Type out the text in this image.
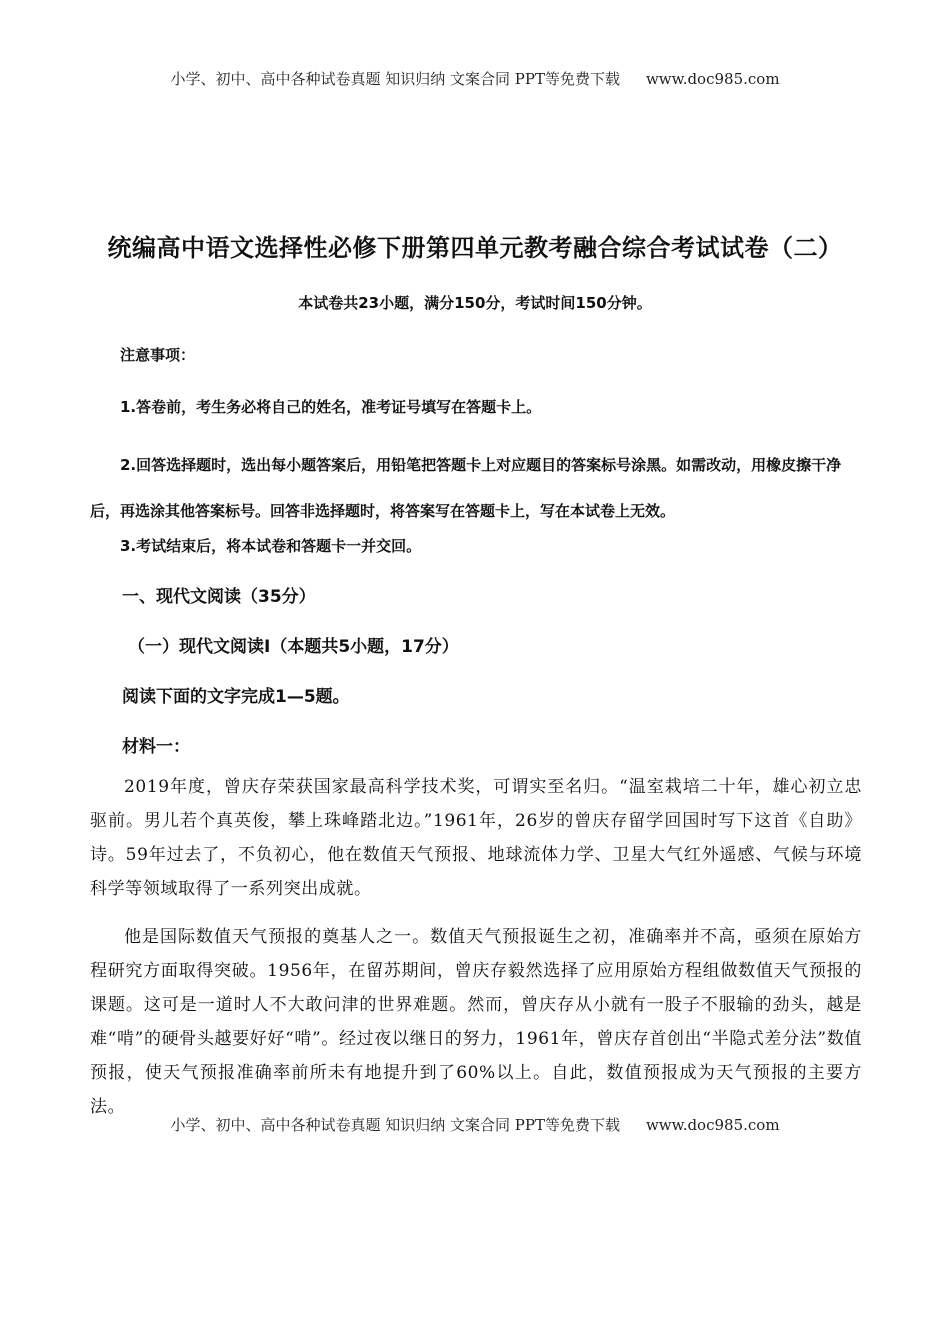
小学、初中、高中各种试卷真题 知识归纳 文案合同 PPT等免费下载 www.doc985.com
统编高中语文选择性必修下册第四单元教考融合综合考试试卷（二）
本试卷共23小题，满分150分，考试时间150分钟。
注意事项：
1.答卷前，考生务必将自己的姓名，准考证号填写在答题卡上。
2.回答选择题时，选出每小题答案后，用铅笔把答题卡上对应题目的答案标号涂黑。如需改动，用橡皮擦干净后，再选涂其他答案标号。回答非选择题时，将答案写在答题卡上，写在本试卷上无效。
3.考试结束后，将本试卷和答题卡一并交回。
一、现代文阅读（35分）
（一）现代文阅读Ⅰ（本题共5小题，17分）
阅读下面的文字完成1—5题。
材料一：
2019年度，曾庆存荣获国家最高科学技术奖，可谓实至名归。“温室栽培二十年，雄心初立忠驱前。男儿若个真英俊，攀上珠峰踏北边。”1961年，26岁的曾庆存留学回国时写下这首《自助》诗。59年过去了，不负初心，他在数值天气预报、地球流体力学、卫星大气红外遥感、气候与环境科学等领域取得了一系列突出成就。
他是国际数值天气预报的奠基人之一。数值天气预报诞生之初，准确率并不高，亟须在原始方程研究方面取得突破。1956年，在留苏期间，曾庆存毅然选择了应用原始方程组做数值天气预报的课题。这可是一道时人不大敢问津的世界难题。然而，曾庆存从小就有一股子不服输的劲头，越是难“啃”的硬骨头越要好好“啃”。经过夜以继日的努力，1961年，曾庆存首创出“半隐式差分法”数值预报，使天气预报准确率前所未有地提升到了60%以上。自此，数值预报成为天气预报的主要方法。
小学、初中、高中各种试卷真题 知识归纳 文案合同 PPT等免费下载 www.doc985.com
